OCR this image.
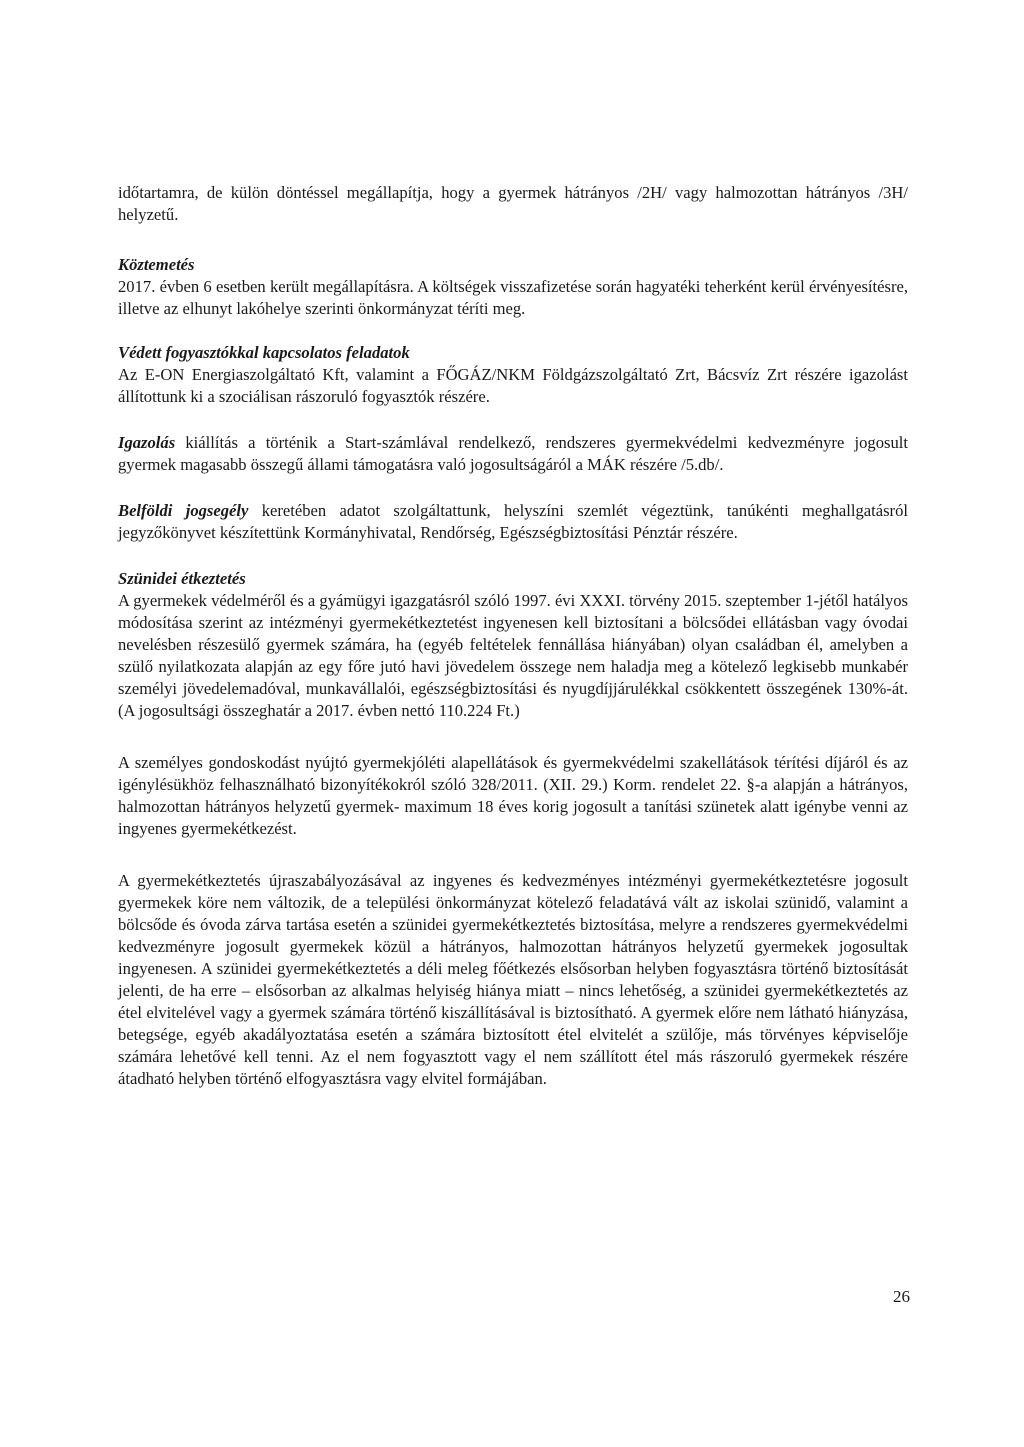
időtartamra, de külön döntéssel megállapítja, hogy a gyermek hátrányos /2H/ vagy halmozottan hátrányos /3H/ helyzetű.

Köztemetés

2017. évben 6 esetben került megállapításra. A költségek visszafizetése során hagyatéki teherként kerül érvényesítésre, illetve az elhunyt lakóhelye szerinti önkormányzat téríti meg.

Védett fogyasztókkal kapcsolatos feladatok

Az E-ON Energiaszolgáltató Kft, valamint a FŐGÁZ/NKM Földgázszolgáltató Zrt, Bácsvíz Zrt részére igazolást állítottunk ki a szociálisan rászoruló fogyasztók részére.

Igazolás kiállítás a történik a Start-számlával rendelkező, rendszeres gyermekvédelmi kedvezményre jogosult gyermek magasabb összegű állami támogatásra való jogosultságáról a MÁK részére /5.db/.

Belföldi jogsegély keretében adatot szolgáltattunk, helyszíni szemlét végeztünk, tanúkénti meghallgatásról jegyzőkönyvet készítettünk Kormányhivatal, Rendőrség, Egészségbiztosítási Pénztár részére.

Szünidei étkeztetés

A gyermekek védelméről és a gyámügyi igazgatásról szóló 1997. évi XXXI. törvény 2015. szeptember 1-jétől hatályos módosítása szerint az intézményi gyermekétkeztetést ingyenesen kell biztosítani a bölcsődei ellátásban vagy óvodai nevelésben részesülő gyermek számára, ha (egyéb feltételek fennállása hiányában) olyan családban él, amelyben a szülő nyilatkozata alapján az egy főre jutó havi jövedelem összege nem haladja meg a kötelező legkisebb munkabér személyi jövedelemadóval, munkavállalói, egészségbiztosítási és nyugdíjjárulékkal csökkentett összegének 130%-át. (A jogosultsági összeghatár a 2017. évben nettó 110.224 Ft.)

A személyes gondoskodást nyújtó gyermekjóléti alapellátások és gyermekvédelmi szakellátások térítési díjáról és az igénylésükhöz felhasználható bizonyítékokról szóló 328/2011. (XII. 29.) Korm. rendelet 22. §-a alapján a hátrányos, halmozottan hátrányos helyzetű gyermek- maximum 18 éves korig jogosult a tanítási szünetek alatt igénybe venni az ingyenes gyermekétkezést.

A gyermekétkeztetés újraszabályozásával az ingyenes és kedvezményes intézményi gyermekétkeztetésre jogosult gyermekek köre nem változik, de a települési önkormányzat kötelező feladatává vált az iskolai szünidő, valamint a bölcsőde és óvoda zárva tartása esetén a szünidei gyermekétkeztetés biztosítása, melyre a rendszeres gyermekvédelmi kedvezményre jogosult gyermekek közül a hátrányos, halmozottan hátrányos helyzetű gyermekek jogosultak ingyenesen. A szünidei gyermekétkeztetés a déli meleg főétkezés elsősorban helyben fogyasztásra történő biztosítását jelenti, de ha erre – elsősorban az alkalmas helyiség hiánya miatt – nincs lehetőség, a szünidei gyermekétkeztetés az étel elvitelével vagy a gyermek számára történő kiszállításával is biztosítható. A gyermek előre nem látható hiányzása, betegsége, egyéb akadályoztatása esetén a számára biztosított étel elvitelét a szülője, más törvényes képviselője számára lehetővé kell tenni. Az el nem fogyasztott vagy el nem szállított étel más rászoruló gyermekek részére átadható helyben történő elfogyasztásra vagy elvitel formájában.

26
